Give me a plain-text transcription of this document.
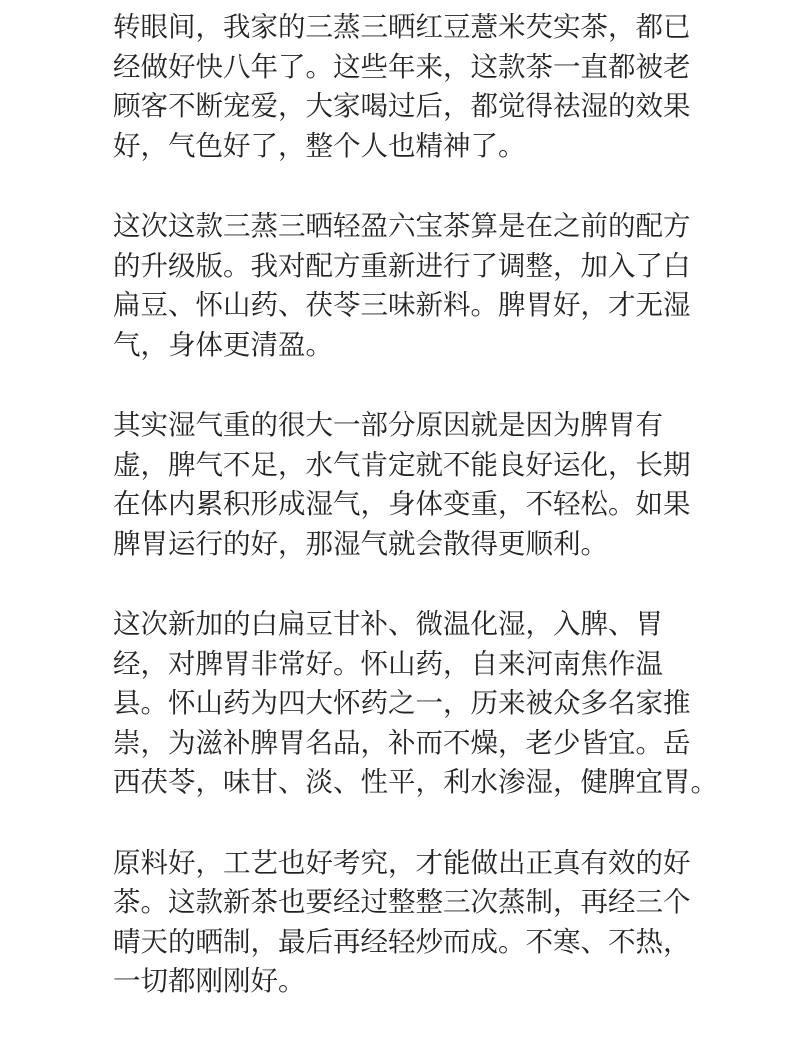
转眼间，我家的三蒸三晒红豆薏米芡实茶，都已
经做好快八年了。这些年来，这款茶一直都被老
顾客不断宠爱，大家喝过后，都觉得祛湿的效果
好，气色好了，整个人也精神了。

这次这款三蒸三晒轻盈六宝茶算是在之前的配方
的升级版。我对配方重新进行了调整，加入了白
扁豆、怀山药、茯苓三味新料。脾胃好，才无湿
气，身体更清盈。

其实湿气重的很大一部分原因就是因为脾胃有
虚，脾气不足，水气肯定就不能良好运化，长期
在体内累积形成湿气，身体变重，不轻松。如果
脾胃运行的好，那湿气就会散得更顺利。

这次新加的白扁豆甘补、微温化湿，入脾、胃
经，对脾胃非常好。怀山药，自来河南焦作温
县。怀山药为四大怀药之一，历来被众多名家推
崇，为滋补脾胃名品，补而不燥，老少皆宜。岳
西茯苓，味甘、淡、性平，利水渗湿，健脾宜胃。

原料好，工艺也好考究，才能做出正真有效的好
茶。这款新茶也要经过整整三次蒸制，再经三个
晴天的晒制，最后再经轻炒而成。不寒、不热，
一切都刚刚好。
